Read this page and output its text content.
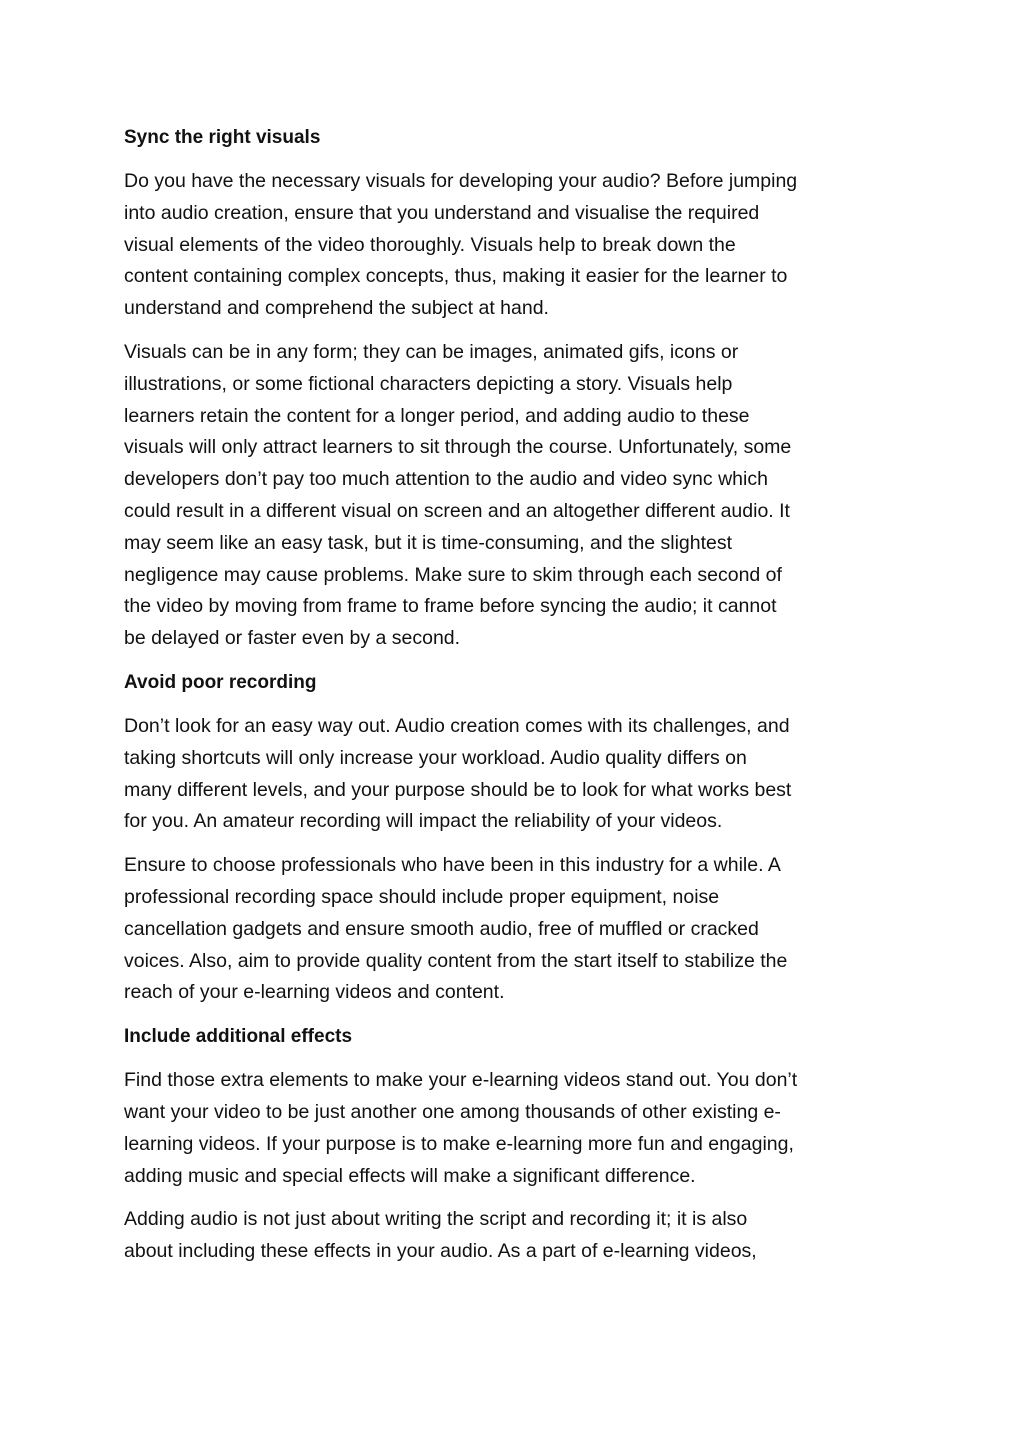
Sync the right visuals
Do you have the necessary visuals for developing your audio? Before jumping
into audio creation, ensure that you understand and visualise the required
visual elements of the video thoroughly. Visuals help to break down the
content containing complex concepts, thus, making it easier for the learner to
understand and comprehend the subject at hand.
Visuals can be in any form; they can be images, animated gifs, icons or
illustrations, or some fictional characters depicting a story. Visuals help
learners retain the content for a longer period, and adding audio to these
visuals will only attract learners to sit through the course. Unfortunately, some
developers don’t pay too much attention to the audio and video sync which
could result in a different visual on screen and an altogether different audio. It
may seem like an easy task, but it is time-consuming, and the slightest
negligence may cause problems. Make sure to skim through each second of
the video by moving from frame to frame before syncing the audio; it cannot
be delayed or faster even by a second.
Avoid poor recording
Don’t look for an easy way out. Audio creation comes with its challenges, and
taking shortcuts will only increase your workload. Audio quality differs on
many different levels, and your purpose should be to look for what works best
for you. An amateur recording will impact the reliability of your videos.
Ensure to choose professionals who have been in this industry for a while. A
professional recording space should include proper equipment, noise
cancellation gadgets and ensure smooth audio, free of muffled or cracked
voices. Also, aim to provide quality content from the start itself to stabilize the
reach of your e-learning videos and content.
Include additional effects
Find those extra elements to make your e-learning videos stand out. You don’t
want your video to be just another one among thousands of other existing e-
learning videos. If your purpose is to make e-learning more fun and engaging,
adding music and special effects will make a significant difference.
Adding audio is not just about writing the script and recording it; it is also
about including these effects in your audio. As a part of e-learning videos,
